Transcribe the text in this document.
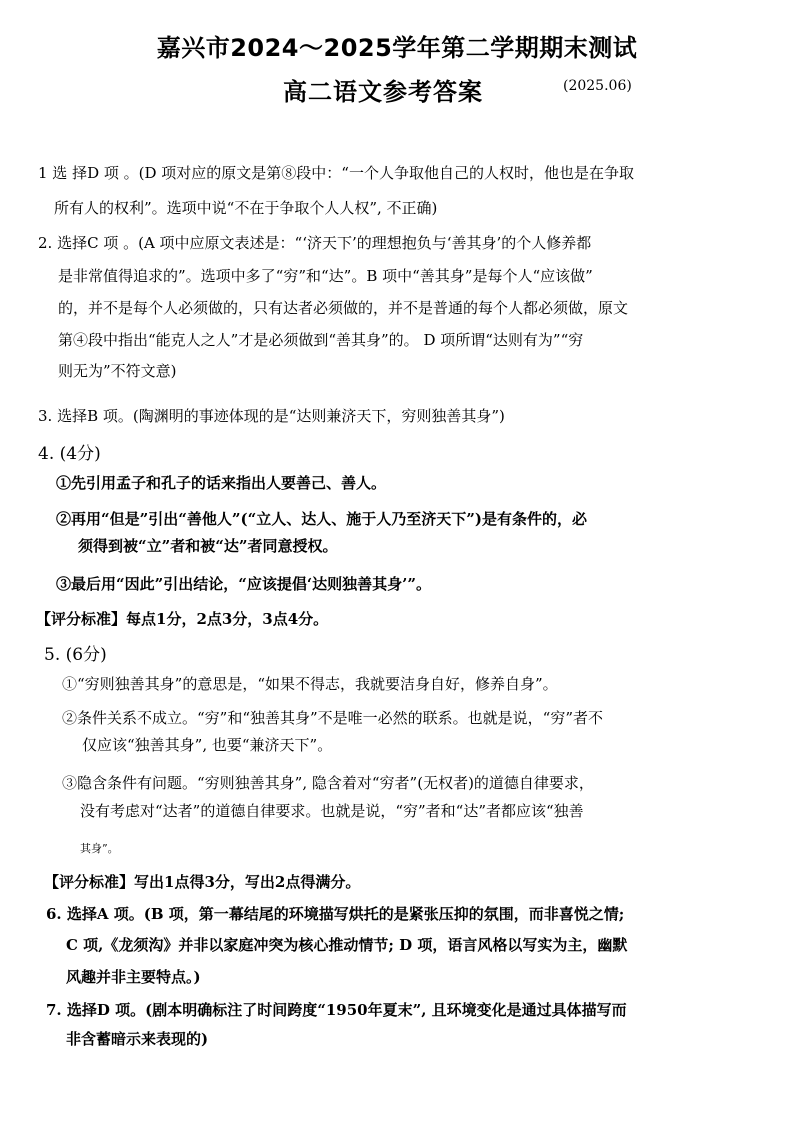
嘉兴市2024～2025学年第二学期期末测试
高二语文参考答案	(2025.06)
1 选 择D 项 。(D 项对应的原文是第⑧段中：“一个人争取他自己的人权时，他也是在争取
所有人的权利”。选项中说“不在于争取个人人权”, 不正确)
2. 选择C 项 。(A 项中应原文表述是：“‘济天下’的理想抱负与‘善其身’的个人修养都
是非常值得追求的”。选项中多了“穷”和“达”。B 项中“善其身”是每个人“应该做”
的，并不是每个人必须做的，只有达者必须做的，并不是普通的每个人都必须做，原文
第④段中指出“能克人之人”才是必须做到“善其身”的。 D 项所谓“达则有为”“穷
则无为”不符文意)
3. 选择B 项。(陶渊明的事迹体现的是“达则兼济天下，穷则独善其身”)
4. (4分)
①先引用孟子和孔子的话来指出人要善己、善人。
②再用“但是”引出“善他人”(“立人、达人、施于人乃至济天下”)是有条件的，必
须得到被“立”者和被“达”者同意授权。
③最后用“因此”引出结论，“应该提倡‘达则独善其身’”。
【评分标准】每点1分，2点3分，3点4分。
5. (6分)
①“穷则独善其身”的意思是，“如果不得志，我就要洁身自好，修养自身”。
②条件关系不成立。“穷”和“独善其身”不是唯一必然的联系。也就是说，“穷”者不
仅应该“独善其身”, 也要“兼济天下”。
③隐含条件有问题。“穷则独善其身”, 隐含着对“穷者”(无权者)的道德自律要求，
没有考虑对“达者”的道德自律要求。也就是说，“穷”者和“达”者都应该“独善
其身”。
【评分标准】写出1点得3分，写出2点得满分。
6. 选择A 项。(B 项，第一幕结尾的环境描写烘托的是紧张压抑的氛围，而非喜悦之情;
C 项,《龙须沟》并非以家庭冲突为核心推动情节; D 项，语言风格以写实为主，幽默
风趣并非主要特点。)
7. 选择D 项。(剧本明确标注了时间跨度“1950年夏末”, 且环境变化是通过具体描写而
非含蓄暗示来表现的)
